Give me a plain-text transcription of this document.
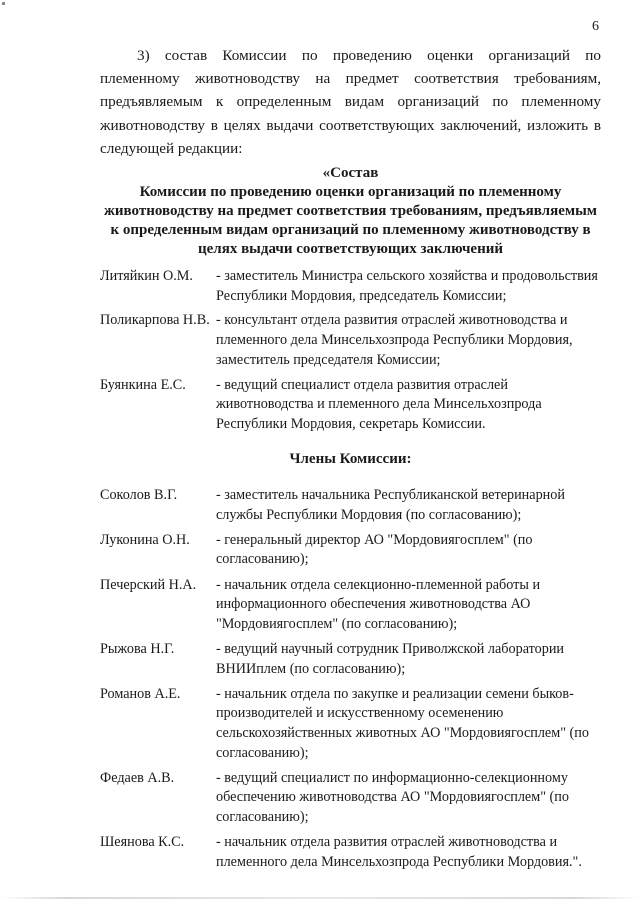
6

3) состав Комиссии по проведению оценки организаций по племенному животноводству на предмет соответствия требованиям, предъявляемым к определенным видам организаций по племенному животноводству в целях выдачи соответствующих заключений, изложить в следующей редакции:

«Состав
Комиссии по проведению оценки организаций по племенному животноводству на предмет соответствия требованиям, предъявляемым к определенным видам организаций по племенному животноводству в целях выдачи соответствующих заключений
Литяйкин О.М.	- заместитель Министра сельского хозяйства и продовольствия Республики Мордовия, председатель Комиссии;
Поликарпова Н.В. - консультант отдела развития отраслей животноводства и племенного дела Минсельхозпрода Республики Мордовия, заместитель председателя Комиссии;
Буянкина Е.С.	- ведущий специалист отдела развития отраслей животноводства и племенного дела Минсельхозпрода Республики Мордовия, секретарь Комиссии.
Члены Комиссии:
Соколов В.Г.	- заместитель начальника Республиканской ветеринарной службы Республики Мордовия (по согласованию);
Луконина О.Н.	- генеральный директор АО "Мордовиягосплем" (по согласованию);
Печерский Н.А.	- начальник отдела селекционно-племенной работы и информационного обеспечения животноводства АО "Мордовиягосплем" (по согласованию);
Рыжова Н.Г.	- ведущий научный сотрудник Приволжской лаборатории ВНИИплем (по согласованию);
Романов А.Е.	- начальник отдела по закупке и реализации семени быков-производителей и искусственному осеменению сельскохозяйственных животных АО "Мордовиягосплем" (по согласованию);
Федаев А.В.	- ведущий специалист по информационно-селекционному обеспечению животноводства АО "Мордовиягосплем" (по согласованию);
Шеянова К.С.	- начальник отдела развития отраслей животноводства и племенного дела Минсельхозпрода Республики Мордовия.".
